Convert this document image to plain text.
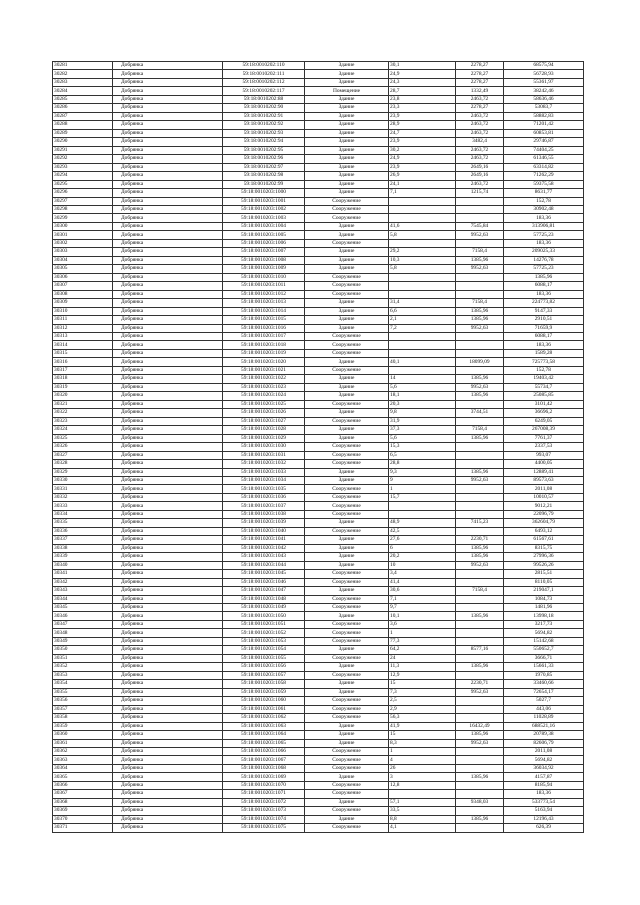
30281	Добрянка	59:18:0010202:110	Здание	30,1	2278,27	68575,94
30282	Добрянка	59:18:0010202:111	Здание	24,9	2278,27	56728,93
30283	Добрянка	59:18:0010202:112	Здание	24,3	2278,27	55361,97
30284	Добрянка	59:18:0010202:117	Помещение	28,7	1332,49	38242,46
30285	Добрянка	59:18:0010202:88	Здание	23,8	2463,72	58636,46
30286	Добрянка	59:18:0010202:90	Здание	23,3	2278,27	53083,7
30287	Добрянка	59:18:0010202:91	Здание	23,9	2463,72	58882,83
30288	Добрянка	59:18:0010202:92	Здание	28,9	2463,72	71201,42
30289	Добрянка	59:18:0010202:93	Здание	24,7	2463,72	60853,81
30290	Добрянка	59:18:0010202:94	Здание	23,9	3482,4	29746,87
30291	Добрянка	59:18:0010202:95	Здание	30,2	2463,72	74404,25
30292	Добрянка	59:18:0010202:96	Здание	24,9	2463,72	61346,55
30293	Добрянка	59:18:0010202:97	Здание	23,9	2649,16	63314,82
30294	Добрянка	59:18:0010202:98	Здание	26,9	2649,16	71262,29
30295	Добрянка	59:18:0010202:99	Здание	24,1	2463,72	59375,58
30296	Добрянка	59:18:0010203:1000	Здание	7,1	1215,74	8631,77
30297	Добрянка	59:18:0010203:1001	Сооружение			152,78
30298	Добрянка	59:18:0010203:1002	Сооружение			30902,48
30299	Добрянка	59:18:0010203:1003	Сооружение			183,36
30300	Добрянка	59:18:0010203:1004	Здание	41,6	7545,84	313906,81
30301	Добрянка	59:18:0010203:1005	Здание	5,8	9952,63	57725,23
30302	Добрянка	59:18:0010203:1006	Сооружение			183,36
30303	Добрянка	59:18:0010203:1007	Здание	29,2	7158,4	209025,33
30304	Добрянка	59:18:0010203:1008	Здание	10,3	1385,96	14276,78
30305	Добрянка	59:18:0010203:1009	Здание	5,8	9952,63	57725,23
30306	Добрянка	59:18:0010203:1010	Сооружение			1385,96
30307	Добрянка	59:18:0010203:1011	Сооружение			6088,17
30308	Добрянка	59:18:0010203:1012	Сооружение			183,36
30309	Добрянка	59:18:0010203:1013	Здание	31,4	7158,4	224773,82
30310	Добрянка	59:18:0010203:1014	Здание	6,6	1385,96	9147,33
30311	Добрянка	59:18:0010203:1015	Здание	2,1	1385,96	2910,51
30312	Добрянка	59:18:0010203:1016	Здание	7,2	9952,63	71659,9
30313	Добрянка	59:18:0010203:1017	Сооружение			6088,17
30314	Добрянка	59:18:0010203:1018	Сооружение			183,36
30315	Добрянка	59:18:0010203:1019	Сооружение			1589,28
30316	Добрянка	59:18:0010203:1020	Здание	40,1	18099,09	725773,58
30317	Добрянка	59:18:0010203:1021	Сооружение			152,78
30318	Добрянка	59:18:0010203:1022	Здание	14	1385,96	19403,42
30319	Добрянка	59:18:0010203:1023	Здание	5,6	9952,63	55734,7
30320	Добрянка	59:18:0010203:1024	Здание	18,1	1385,96	25085,85
30321	Добрянка	59:18:0010203:1025	Сооружение	20,3		3101,42
30322	Добрянка	59:18:0010203:1026	Здание	9,8	3744,51	36696,2
30323	Добрянка	59:18:0010203:1027	Сооружение	31,9		6249,05
30324	Добрянка	59:18:0010203:1028	Здание	37,3	7158,4	267008,39
30325	Добрянка	59:18:0010203:1029	Здание	5,6	1385,96	7761,37
30326	Добрянка	59:18:0010203:1030	Сооружение	15,3		2337,53
30327	Добрянка	59:18:0010203:1031	Сооружение	6,5		993,07
30328	Добрянка	59:18:0010203:1032	Сооружение	28,8		4400,05
30329	Добрянка	59:18:0010203:1033	Здание	9,3	1385,96	12889,41
30330	Добрянка	59:18:0010203:1034	Здание	9	9952,63	89573,63
30331	Добрянка	59:18:0010203:1035	Сооружение	1		2011,08
30332	Добрянка	59:18:0010203:1036	Сооружение	15,7		10010,57
30333	Добрянка	59:18:0010203:1037	Сооружение			9012,21
30334	Добрянка	59:18:0010203:1038	Сооружение			22096,79
30335	Добрянка	59:18:0010203:1039	Здание	48,9	7415,23	362604,79
30336	Добрянка	59:18:0010203:1040	Сооружение	42,5		6493,12
30337	Добрянка	59:18:0010203:1041	Здание	27,6	2230,71	61567,61
30338	Добрянка	59:18:0010203:1042	Здание	6	1385,96	8315,75
30339	Добрянка	59:18:0010203:1043	Здание	20,2	1385,96	27996,36
30340	Добрянка	59:18:0010203:1044	Здание	10	9952,63	99526,26
30341	Добрянка	59:18:0010203:1045	Сооружение	3,4		2815,51
30342	Добрянка	59:18:0010203:1046	Сооружение	41,4		8110,05
30343	Добрянка	59:18:0010203:1047	Здание	30,6	7158,4	219047,1
30344	Добрянка	59:18:0010203:1048	Сооружение	7,1		1084,73
30345	Добрянка	59:18:0010203:1049	Сооружение	9,7		1481,96
30346	Добрянка	59:18:0010203:1050	Здание	10,1	1385,96	13998,18
30347	Добрянка	59:18:0010203:1051	Сооружение	3,6		3217,73
30348	Добрянка	59:18:0010203:1052	Сооружение	1		5694,82
30349	Добрянка	59:18:0010203:1053	Сооружение	77,3		15142,68
30350	Добрянка	59:18:0010203:1054	Здание	64,2	8577,16	550652,7
30351	Добрянка	59:18:0010203:1055	Сооружение	24		3666,71
30352	Добрянка	59:18:0010203:1056	Здание	11,3	1385,96	15661,33
30353	Добрянка	59:18:0010203:1057	Сооружение	12,9		1970,85
30354	Добрянка	59:18:0010203:1058	Здание	15	2230,71	33460,66
30355	Добрянка	59:18:0010203:1059	Здание	7,3	9952,63	72654,17
30356	Добрянка	59:18:0010203:1060	Сооружение	2,5		5027,7
30357	Добрянка	59:18:0010203:1061	Сооружение	2,9		443,06
30358	Добрянка	59:18:0010203:1062	Сооружение	56,3		11028,89
30359	Добрянка	59:18:0010203:1063	Здание	41,9	16432,49	688521,16
30360	Добрянка	59:18:0010203:1064	Здание	15	1385,96	20789,38
30361	Добрянка	59:18:0010203:1065	Здание	8,3	9952,63	82606,79
30362	Добрянка	59:18:0010203:1066	Сооружение	1		2011,08
30363	Добрянка	59:18:0010203:1067	Сооружение	4		5694,82
30364	Добрянка	59:18:0010203:1068	Сооружение	26		36034,92
30365	Добрянка	59:18:0010203:1069	Здание	3	1385,96	4157,87
30366	Добрянка	59:18:0010203:1070	Сооружение	12,8		8185,94
30367	Добрянка	59:18:0010203:1071	Сооружение			183,36
30368	Добрянка	59:18:0010203:1072	Здание	57,1	9348,03	533773,54
30369	Добрянка	59:18:0010203:1073	Сооружение	33,5		5163,94
30370	Добрянка	59:18:0010203:1074	Здание	8,8	1385,96	12196,43
30371	Добрянка	59:18:0010203:1075	Сооружение	4,1		626,39
